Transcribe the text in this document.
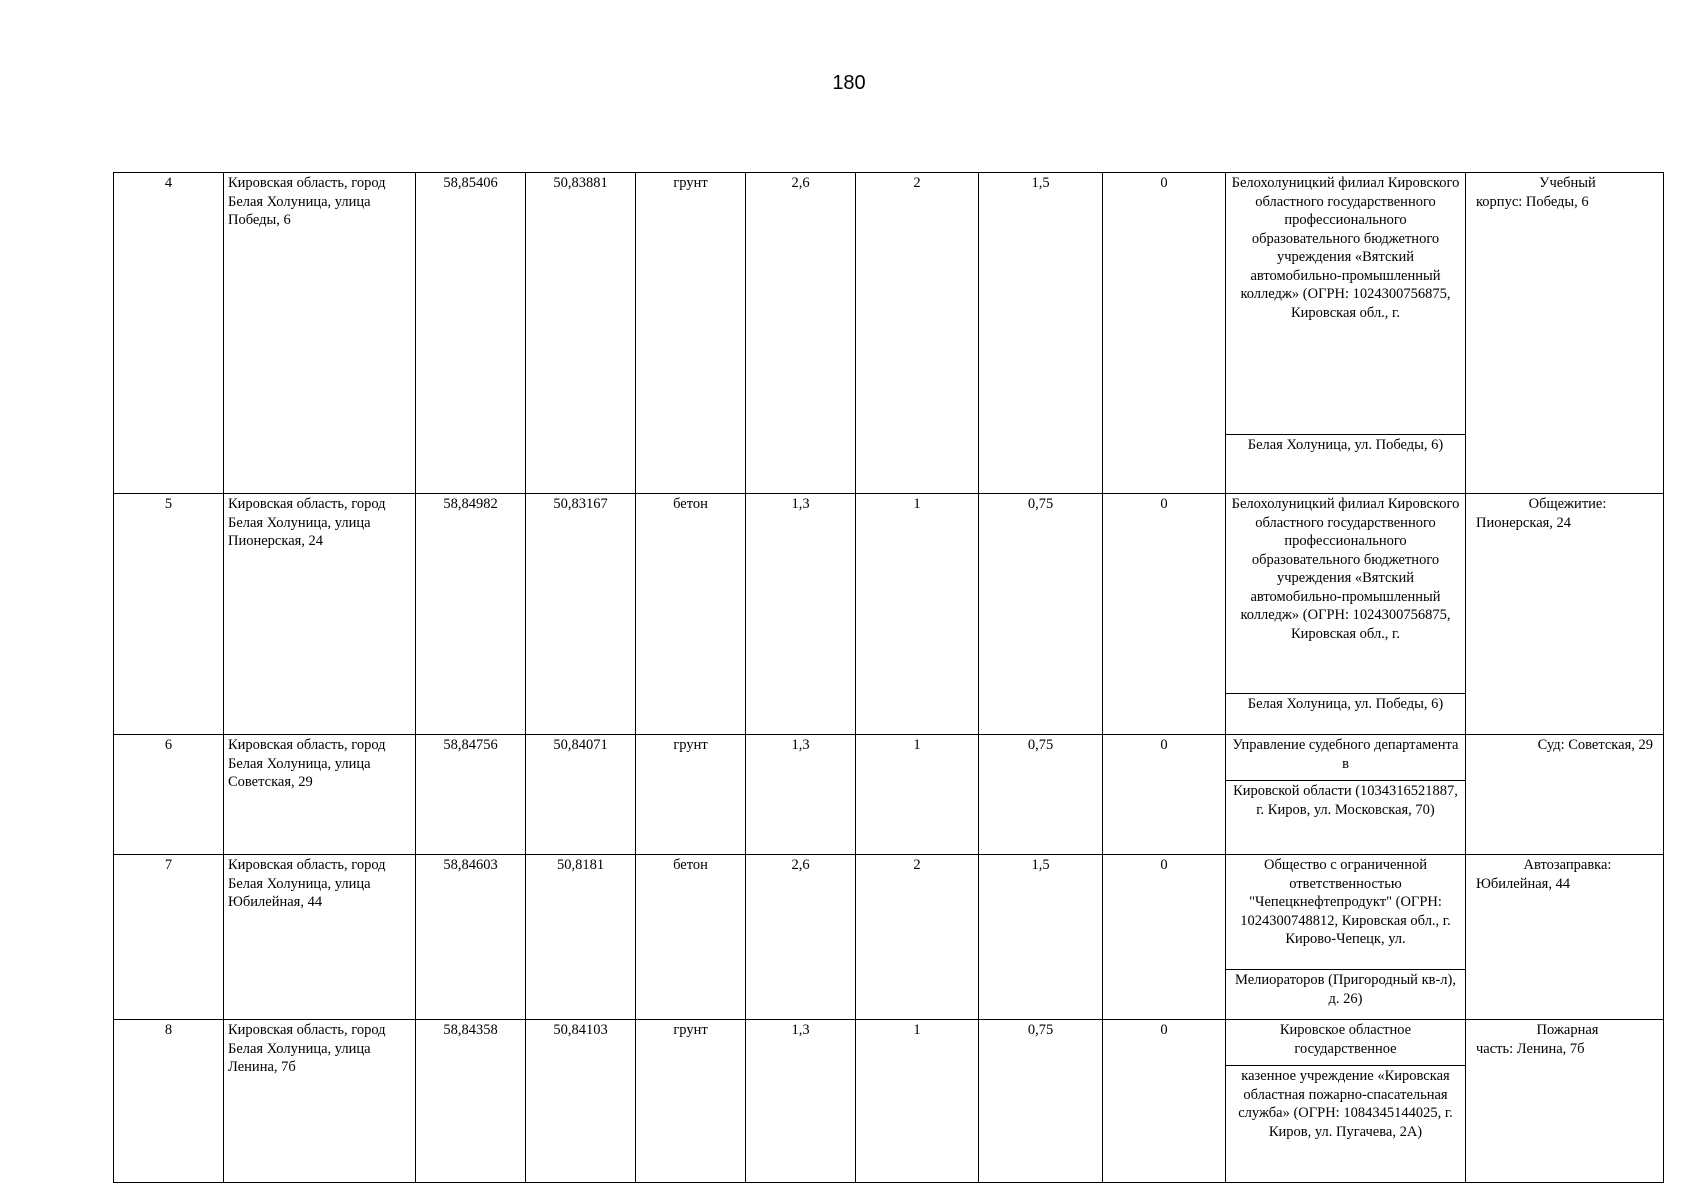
180
4	Кировская область, город Белая Холуница, улица Победы, 6	58,85406	50,83881	грунт	2,6	2	1,5	0	Белохолуницкий филиал Кировского областного государственного профессионального образовательного бюджетного учреждения «Вятский автомобильно-промышленный колледж» (ОГРН: 1024300756875, Кировская обл., г.	Учебный
корпус: Победы, 6
									Белая Холуница, ул. Победы, 6)	
5	Кировская область, город Белая Холуница, улица Пионерская, 24	58,84982	50,83167	бетон	1,3	1	0,75	0	Белохолуницкий филиал Кировского областного государственного профессионального образовательного бюджетного учреждения «Вятский автомобильно-промышленный колледж» (ОГРН: 1024300756875, Кировская обл., г.	Общежитие:
Пионерская, 24
									Белая Холуница, ул. Победы, 6)	
6	Кировская область, город Белая Холуница, улица Советская, 29	58,84756	50,84071	грунт	1,3	1	0,75	0	Управление судебного департамента в	Суд: Советская, 29
									Кировской области (1034316521887, г. Киров, ул. Московская, 70)	
7	Кировская область, город Белая Холуница, улица Юбилейная, 44	58,84603	50,8181	бетон	2,6	2	1,5	0	Общество с ограниченной ответственностью "Чепецкнефтепродукт" (ОГРН: 1024300748812, Кировская обл., г. Кирово-Чепецк, ул.	Автозаправка:
Юбилейная, 44
									Мелиораторов (Пригородный кв-л), д. 26)	
8	Кировская область, город Белая Холуница, улица Ленина, 7б	58,84358	50,84103	грунт	1,3	1	0,75	0	Кировское областное государственное	Пожарная
часть: Ленина, 7б
									казенное учреждение «Кировская областная пожарно-спасательная служба» (ОГРН: 1084345144025, г. Киров, ул. Пугачева, 2А)	
